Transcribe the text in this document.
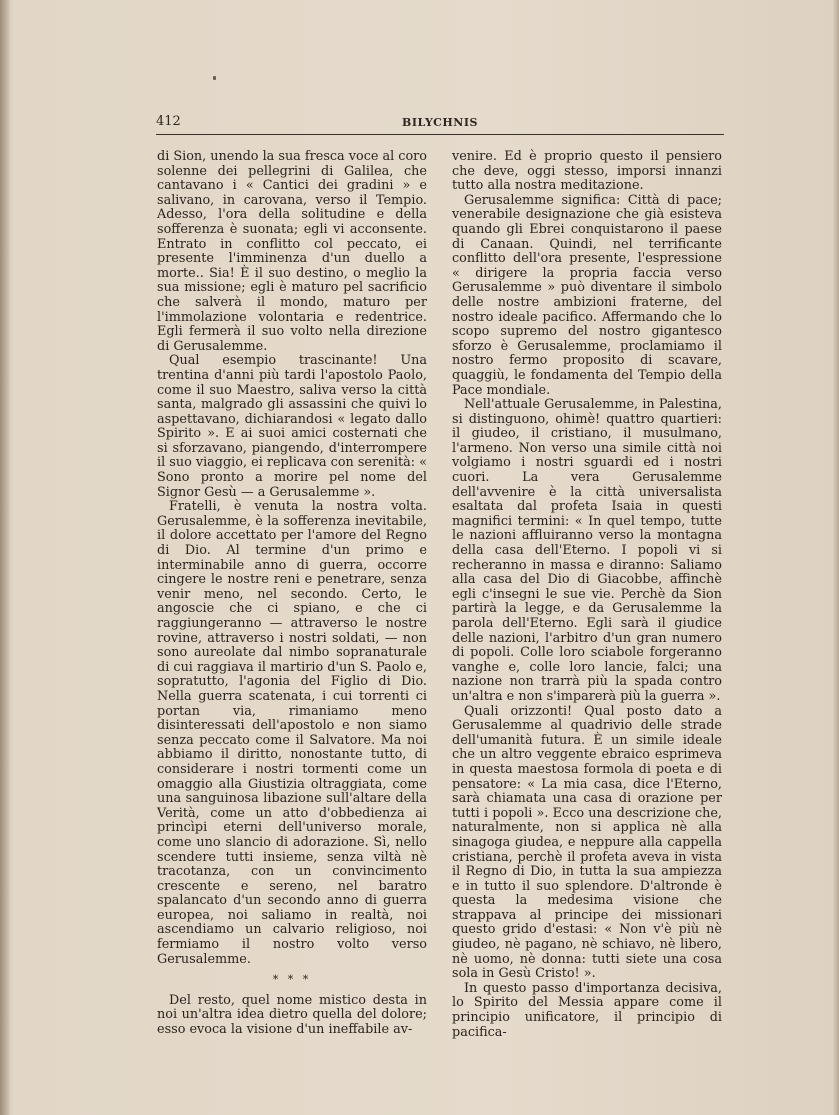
412	BILYCHNIS

di Sion, unendo la sua fresca voce al coro solenne dei pellegrini di Galilea, che cantavano i « Cantici dei gradini » e salivano, in carovana, verso il Tempio. Adesso, l'ora della solitudine e della sofferenza è suonata; egli vi acconsente. Entrato in conflitto col peccato, ei presente l'imminenza d'un duello a morte.. Sia! È il suo destino, o meglio la sua missione; egli è maturo pel sacrificio che salverà il mondo, maturo per l'immolazione volontaria e redentrice. Egli fermerà il suo volto nella direzione di Gerusalemme.

Qual esempio trascinante! Una trentina d'anni più tardi l'apostolo Paolo, come il suo Maestro, saliva verso la città santa, malgrado gli assassini che quivi lo aspettavano, dichiarandosi « legato dallo Spirito ». E ai suoi amici costernati che si sforzavano, piangendo, d'interrompere il suo viaggio, ei replicava con serenità: « Sono pronto a morire pel nome del Signor Gesù — a Gerusalemme ».

Fratelli, è venuta la nostra volta. Gerusalemme, è la sofferenza inevitabile, il dolore accettato per l'amore del Regno di Dio. Al termine d'un primo e interminabile anno di guerra, occorre cingere le nostre reni e penetrare, senza venir meno, nel secondo. Certo, le angoscie che ci spiano, e che ci raggiungeranno — attraverso le nostre rovine, attraverso i nostri soldati, — non sono aureolate dal nimbo sopranaturale di cui raggiava il martirio d'un S. Paolo e, sopratutto, l'agonia del Figlio di Dio. Nella guerra scatenata, i cui torrenti ci portan via, rimaniamo meno disinteressati dell'apostolo e non siamo senza peccato come il Salvatore. Ma noi abbiamo il diritto, nonostante tutto, di considerare i nostri tormenti come un omaggio alla Giustizia oltraggiata, come una sanguinosa libazione sull'altare della Verità, come un atto d'obbedienza ai princìpi eterni dell'universo morale, come uno slancio di adorazione. Sì, nello scendere tutti insieme, senza viltà nè tracotanza, con un convincimento crescente e sereno, nel baratro spalancato d'un secondo anno di guerra europea, noi saliamo in realtà, noi ascendiamo un calvario religioso, noi fermiamo il nostro volto verso Gerusalemme.

* * *

Del resto, quel nome mistico desta in noi un'altra idea dietro quella del dolore; esso evoca la visione d'un ineffabile av-

venire. Ed è proprio questo il pensiero che deve, oggi stesso, imporsi innanzi tutto alla nostra meditazione.

Gerusalemme significa: Città di pace; venerabile designazione che già esisteva quando gli Ebrei conquistarono il paese di Canaan. Quindi, nel terrificante conflitto dell'ora presente, l'espressione « dirigere la propria faccia verso Gerusalemme » può diventare il simbolo delle nostre ambizioni fraterne, del nostro ideale pacifico. Affermando che lo scopo supremo del nostro gigantesco sforzo è Gerusalemme, proclamiamo il nostro fermo proposito di scavare, quaggiù, le fondamenta del Tempio della Pace mondiale.

Nell'attuale Gerusalemme, in Palestina, si distinguono, ohimè! quattro quartieri: il giudeo, il cristiano, il musulmano, l'armeno. Non verso una simile città noi volgiamo i nostri sguardi ed i nostri cuori. La vera Gerusalemme dell'avvenire è la città universalista esaltata dal profeta Isaia in questi magnifici termini: « In quel tempo, tutte le nazioni affluiranno verso la montagna della casa dell'Eterno. I popoli vi si recheranno in massa e diranno: Saliamo alla casa del Dio di Giacobbe, affinchè egli c'insegni le sue vie. Perchè da Sion partirà la legge, e da Gerusalemme la parola dell'Eterno. Egli sarà il giudice delle nazioni, l'arbitro d'un gran numero di popoli. Colle loro sciabole forgeranno vanghe e, colle loro lancie, falci; una nazione non trarrà più la spada contro un'altra e non s'imparerà più la guerra ».

Quali orizzonti! Qual posto dato a Gerusalemme al quadrivio delle strade dell'umanità futura. È un simile ideale che un altro veggente ebraico esprimeva in questa maestosa formola di poeta e di pensatore: « La mia casa, dice l'Eterno, sarà chiamata una casa di orazione per tutti i popoli ». Ecco una descrizione che, naturalmente, non si applica nè alla sinagoga giudea, e neppure alla cappella cristiana, perchè il profeta aveva in vista il Regno di Dio, in tutta la sua ampiezza e in tutto il suo splendore. D'altronde è questa la medesima visione che strappava al principe dei missionari questo grido d'estasi: « Non v'è più nè giudeo, nè pagano, nè schiavo, nè libero, nè uomo, nè donna: tutti siete una cosa sola in Gesù Cristo! ».

In questo passo d'importanza decisiva, lo Spirito del Messia appare come il principio unificatore, il principio di pacifica-
